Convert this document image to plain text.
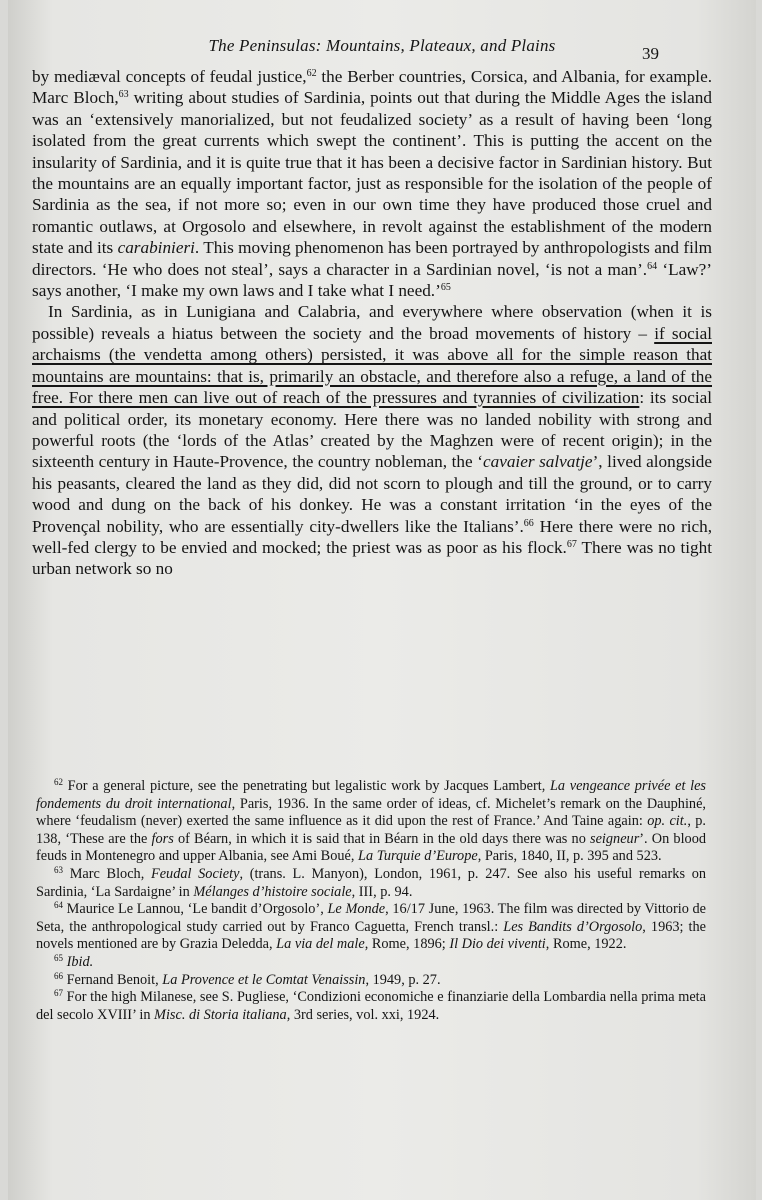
The Peninsulas: Mountains, Plateaux, and Plains	39

by mediæval concepts of feudal justice,$^{62}$ the Berber countries, Corsica, and Albania, for example. Marc Bloch,$^{63}$ writing about studies of Sardinia, points out that during the Middle Ages the island was an ‘extensively manorialized, but not feudalized society’ as a result of having been ‘long isolated from the great currents which swept the continent’. This is putting the accent on the insularity of Sardinia, and it is quite true that it has been a decisive factor in Sardinian history. But the mountains are an equally important factor, just as responsible for the isolation of the people of Sardinia as the sea, if not more so; even in our own time they have produced those cruel and romantic outlaws, at Orgosolo and elsewhere, in revolt against the establishment of the modern state and its carabinieri. This moving phenomenon has been portrayed by anthropologists and film directors. ‘He who does not steal’, says a character in a Sardinian novel, ‘is not a man’.$^{64}$ ‘Law?’ says another, ‘I make my own laws and I take what I need.’$^{65}$

In Sardinia, as in Lunigiana and Calabria, and everywhere where observation (when it is possible) reveals a hiatus between the society and the broad movements of history – if social archaisms (the vendetta among others) persisted, it was above all for the simple reason that mountains are mountains: that is, primarily an obstacle, and therefore also a refuge, a land of the free. For there men can live out of reach of the pressures and tyrannies of civilization: its social and political order, its monetary economy. Here there was no landed nobility with strong and powerful roots (the ‘lords of the Atlas’ created by the Maghzen were of recent origin); in the sixteenth century in Haute-Provence, the country nobleman, the ‘cavaier salvatje’, lived alongside his peasants, cleared the land as they did, did not scorn to plough and till the ground, or to carry wood and dung on the back of his donkey. He was a constant irritation ‘in the eyes of the Provençal nobility, who are essentially city-dwellers like the Italians’.$^{66}$ Here there were no rich, well-fed clergy to be envied and mocked; the priest was as poor as his flock.$^{67}$ There was no tight urban network so no

$^{62}$ For a general picture, see the penetrating but legalistic work by Jacques Lambert, La vengeance privée et les fondements du droit international, Paris, 1936. In the same order of ideas, cf. Michelet’s remark on the Dauphiné, where ‘feudalism (never) exerted the same influence as it did upon the rest of France.’ And Taine again: op. cit., p. 138, ‘These are the fors of Béarn, in which it is said that in Béarn in the old days there was no seigneur’. On blood feuds in Montenegro and upper Albania, see Ami Boué, La Turquie d’Europe, Paris, 1840, II, p. 395 and 523.

$^{63}$ Marc Bloch, Feudal Society, (trans. L. Manyon), London, 1961, p. 247. See also his useful remarks on Sardinia, ‘La Sardaigne’ in Mélanges d’histoire sociale, III, p. 94.

$^{64}$ Maurice Le Lannou, ‘Le bandit d’Orgosolo’, Le Monde, 16/17 June, 1963. The film was directed by Vittorio de Seta, the anthropological study carried out by Franco Caguetta, French transl.: Les Bandits d’Orgosolo, 1963; the novels mentioned are by Grazia Deledda, La via del male, Rome, 1896; Il Dio dei viventi, Rome, 1922.

$^{65}$ Ibid.

$^{66}$ Fernand Benoit, La Provence et le Comtat Venaissin, 1949, p. 27.

$^{67}$ For the high Milanese, see S. Pugliese, ‘Condizioni economiche e finanziarie della Lombardia nella prima meta del secolo XVIII’ in Misc. di Storia italiana, 3rd series, vol. xxi, 1924.
